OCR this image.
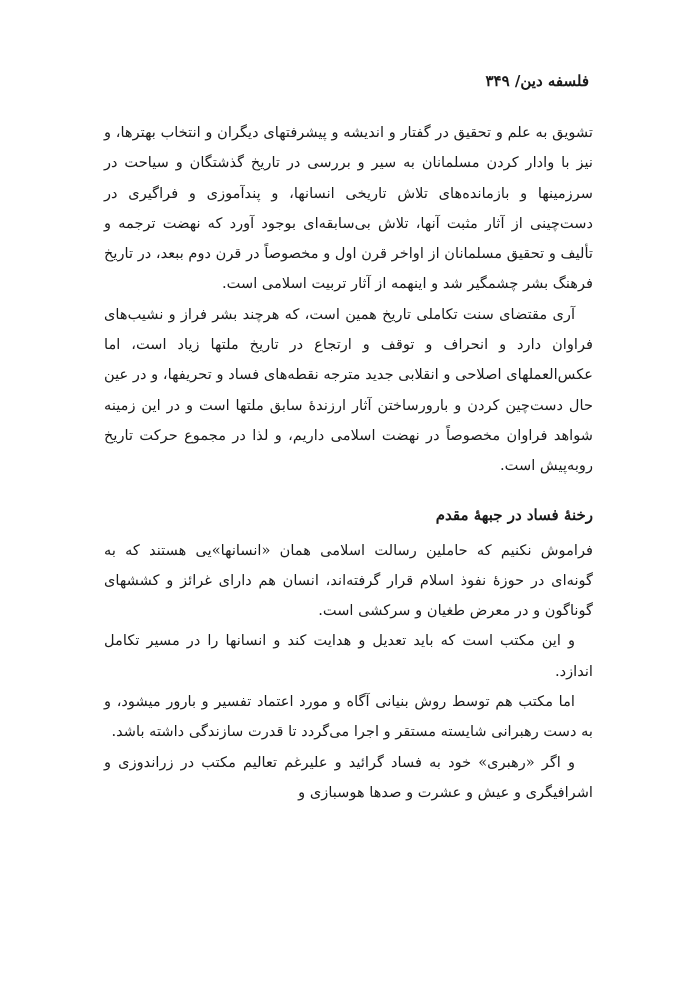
فلسفه دین/ ۳۴۹

تشویق به علم و تحقیق در گفتار و اندیشه و پیشرفتهای دیگران و انتخاب بهترها، و نیز با وادار کردن مسلمانان به سیر و بررسی در تاریخ گذشتگان و سیاحت در سرزمینها و بازمانده‌های تلاش تاریخی انسانها، و پندآموزی و فراگیری در دست‌چینی از آثار مثبت آنها، تلاش بی‌سابقه‌ای بوجود آورد که نهضت ترجمه و تألیف و تحقیق مسلمانان از اواخر قرن اول و مخصوصاً در قرن دوم ببعد، در تاریخ فرهنگ بشر چشمگیر شد و اینهمه از آثار تربیت اسلامی است.

آری مقتضای سنت تکاملی تاریخ همین است، که هرچند بشر فراز و نشیب‌های فراوان دارد و انحراف و توقف و ارتجاع در تاریخ ملتها زیاد است، اما عکس‌العملهای اصلاحی و انقلابی جدید مترجه نقطه‌های فساد و تحریفها، و در عین حال دست‌چین کردن و بارورساختن آثار ارزندهٔ سابق ملتها است و در این زمینه شواهد فراوان مخصوصاً در نهضت اسلامی داریم، و لذا در مجموع حرکت تاریخ روبه‌پیش است.

رخنهٔ فساد در جبههٔ مقدم

فراموش نکنیم که حاملین رسالت اسلامی همان «انسانها»یی هستند که به گونه‌ای در حوزهٔ نفوذ اسلام قرار گرفته‌اند، انسان هم دارای غرائز و کششهای گوناگون و در معرض طغیان و سرکشی است.

و این مکتب است که باید تعدیل و هدایت کند و انسانها را در مسیر تکامل اندازد.

اما مکتب هم توسط روش بنیانی آگاه و مورد اعتماد تفسیر و بارور میشود، و به دست رهبرانی شایسته مستقر و اجرا می‌گردد تا قدرت سازندگی داشته باشد.

و اگر «رهبری» خود به فساد گرائید و علیرغم تعالیم مکتب در زراندوزی و اشرافیگری و عیش و عشرت و صدها هوسبازی و
